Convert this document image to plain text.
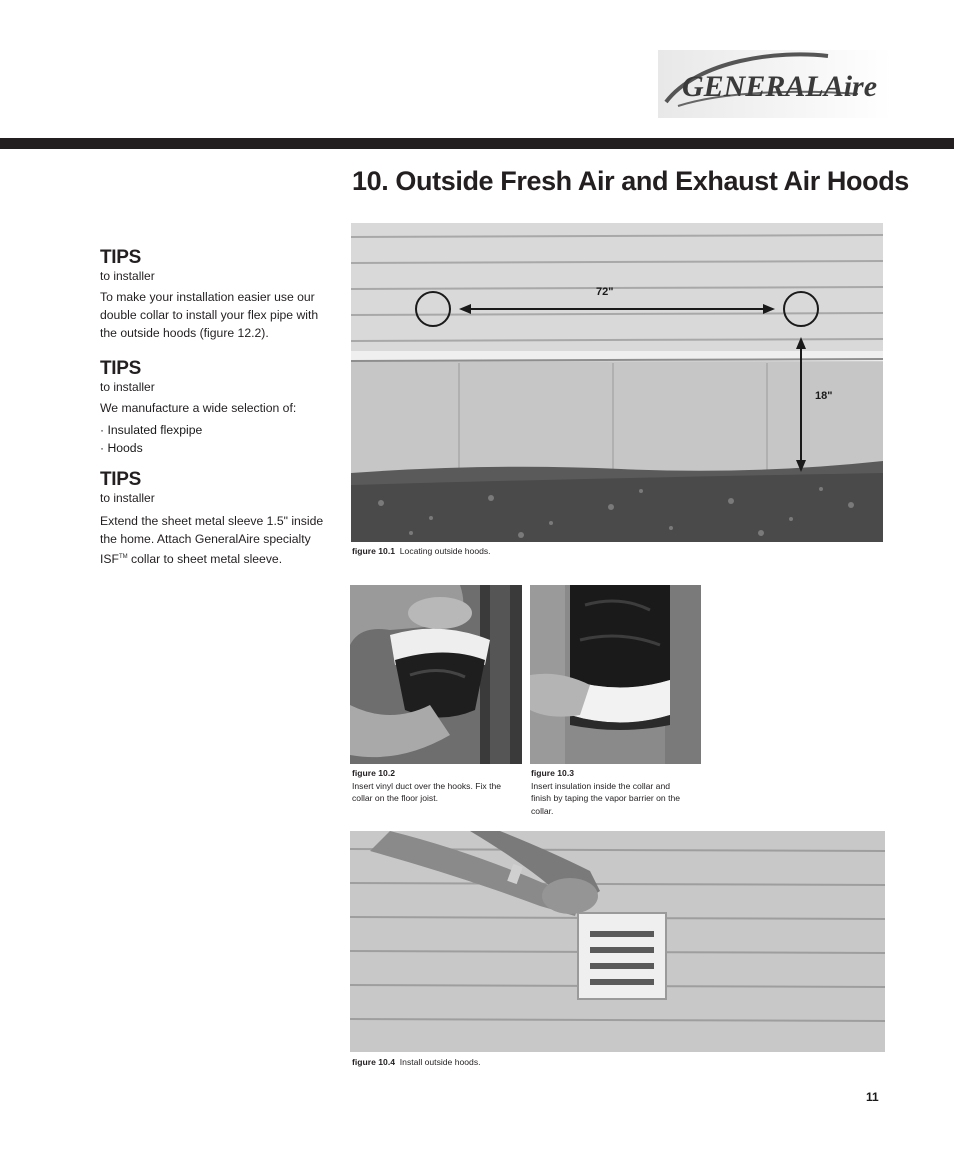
GENERALAire
10. Outside Fresh Air and Exhaust Air Hoods
TIPS
to installer
To make your installation easier use our double collar to install your flex pipe with the outside hoods (figure 12.2).
TIPS
to installer
We manufacture a wide selection of:
· Insulated flexpipe
· Hoods
TIPS
to installer
Extend the sheet metal sleeve 1.5" inside the home. Attach GeneralAire specialty ISF™ collar to sheet metal sleeve.
72"
18"
figure 10.1 Locating outside hoods.
figure 10.2
Insert vinyl duct over the hooks. Fix the collar on the floor joist.
figure 10.3
Insert insulation inside the collar and finish by taping the vapor barrier on the collar.
figure 10.4 Install outside hoods.
11
